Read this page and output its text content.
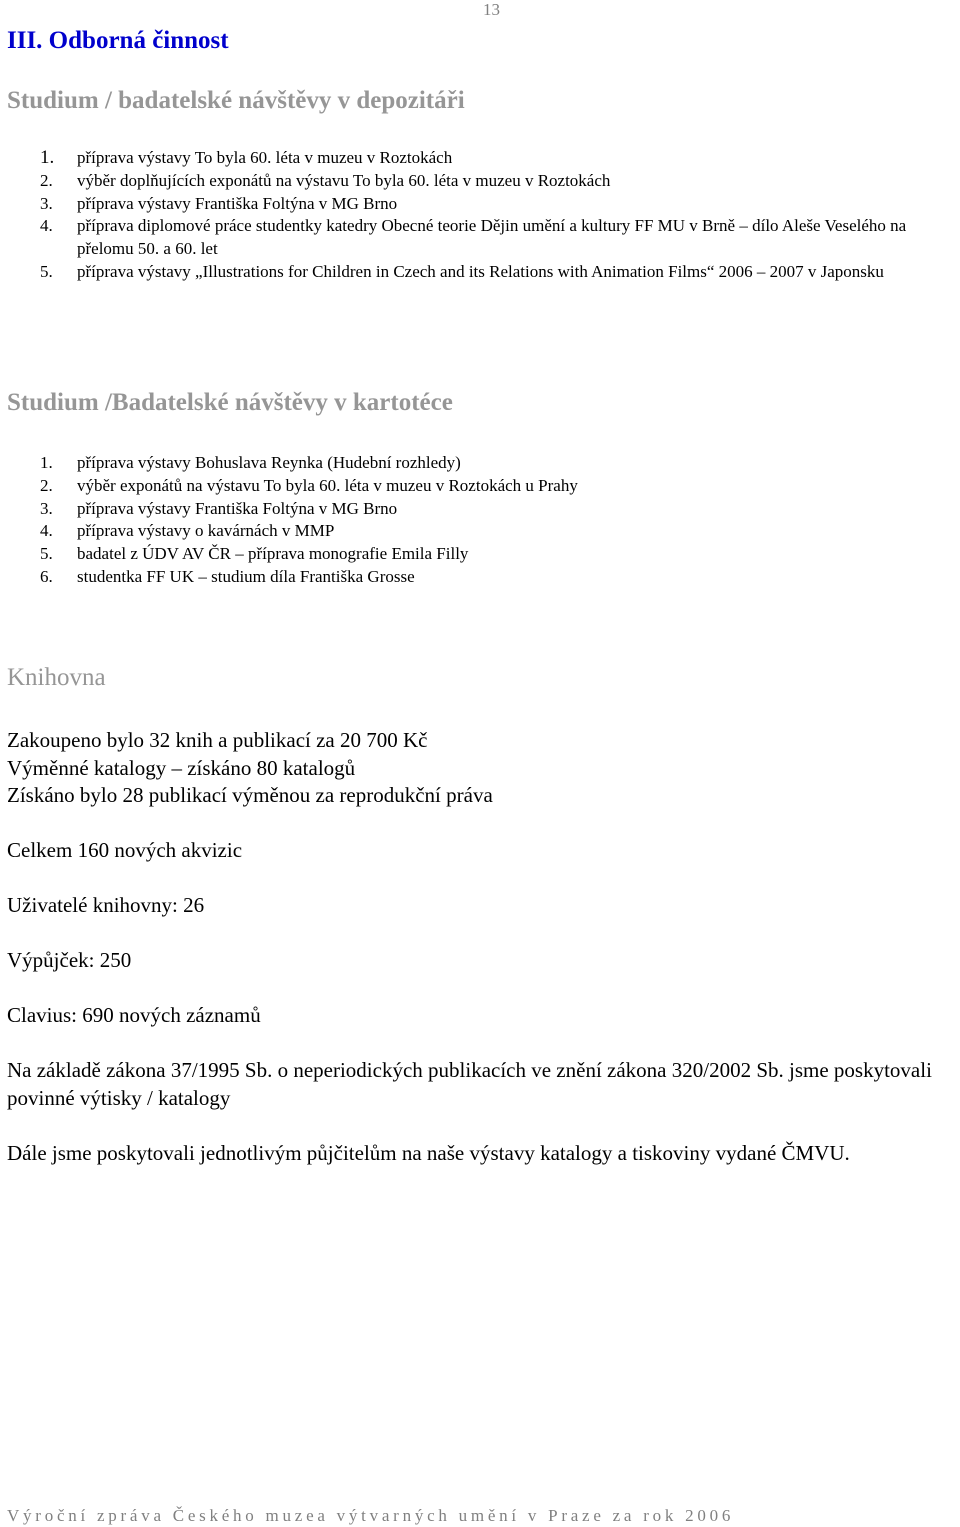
13
III. Odborná činnost
Studium / badatelské návštěvy v depozitáři
1. příprava výstavy To byla 60. léta v muzeu v Roztokách
2. výběr doplňujících exponátů na výstavu To byla 60. léta v muzeu v Roztokách
3. příprava výstavy Františka Foltýna v MG Brno
4. příprava diplomové práce studentky katedry Obecné teorie Dějin umění a kultury FF MU v Brně – dílo Aleše Veselého na přelomu 50. a 60. let
5. příprava výstavy „Illustrations for Children in Czech and its Relations with Animation Films“ 2006 – 2007 v Japonsku
Studium /Badatelské návštěvy v kartotéce
1. příprava výstavy Bohuslava Reynka (Hudební rozhledy)
2. výběr exponátů na výstavu To byla 60. léta v muzeu v Roztokách u Prahy
3. příprava výstavy Františka Foltýna v MG Brno
4. příprava výstavy o kavárnách v MMP
5. badatel z ÚDV AV ČR – příprava monografie Emila Filly
6. studentka FF UK – studium díla Františka Grosse
Knihovna

Zakoupeno bylo 32 knih a publikací za 20 700 Kč

Výměnné katalogy – získáno 80 katalogů

Získáno bylo 28 publikací výměnou za reprodukční práva

Celkem 160 nových akvizic

Uživatelé knihovny: 26

Výpůjček: 250

Clavius: 690 nových záznamů

Na základě zákona 37/1995 Sb. o neperiodických publikacích ve znění zákona 320/2002 Sb. jsme poskytovali povinné výtisky / katalogy

Dále jsme poskytovali jednotlivým půjčitelům na naše výstavy katalogy a tiskoviny vydané ČMVU.

Výroční zpráva Českého muzea výtvarných umění v Praze za rok 2006
